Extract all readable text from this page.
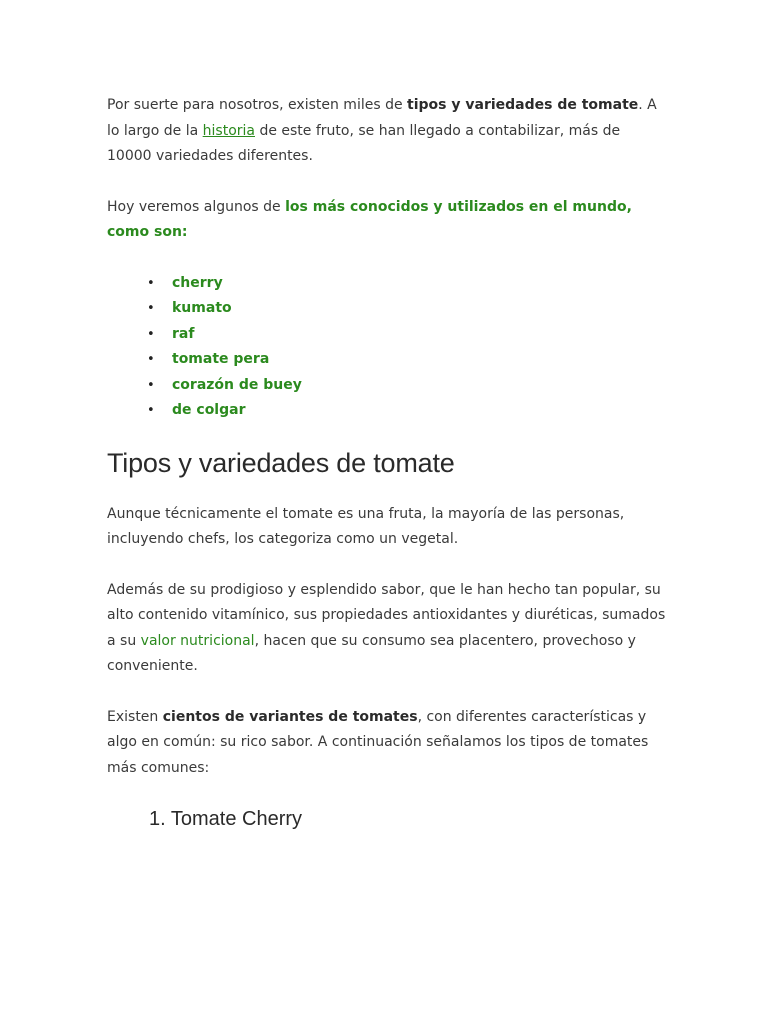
Por suerte para nosotros, existen miles de tipos y variedades de tomate. A lo largo de la historia de este fruto, se han llegado a contabilizar, más de 10000 variedades diferentes.

Hoy veremos algunos de los más conocidos y utilizados en el mundo, como son:

• cherry
• kumato
• raf
• tomate pera
• corazón de buey
• de colgar
Tipos y variedades de tomate

Aunque técnicamente el tomate es una fruta, la mayoría de las personas, incluyendo chefs, los categoriza como un vegetal.

Además de su prodigioso y esplendido sabor, que le han hecho tan popular, su alto contenido vitamínico, sus propiedades antioxidantes y diuréticas, sumados a su valor nutricional, hacen que su consumo sea placentero, provechoso y conveniente.

Existen cientos de variantes de tomates, con diferentes características y algo en común: su rico sabor. A continuación señalamos los tipos de tomates más comunes:

1. Tomate Cherry
